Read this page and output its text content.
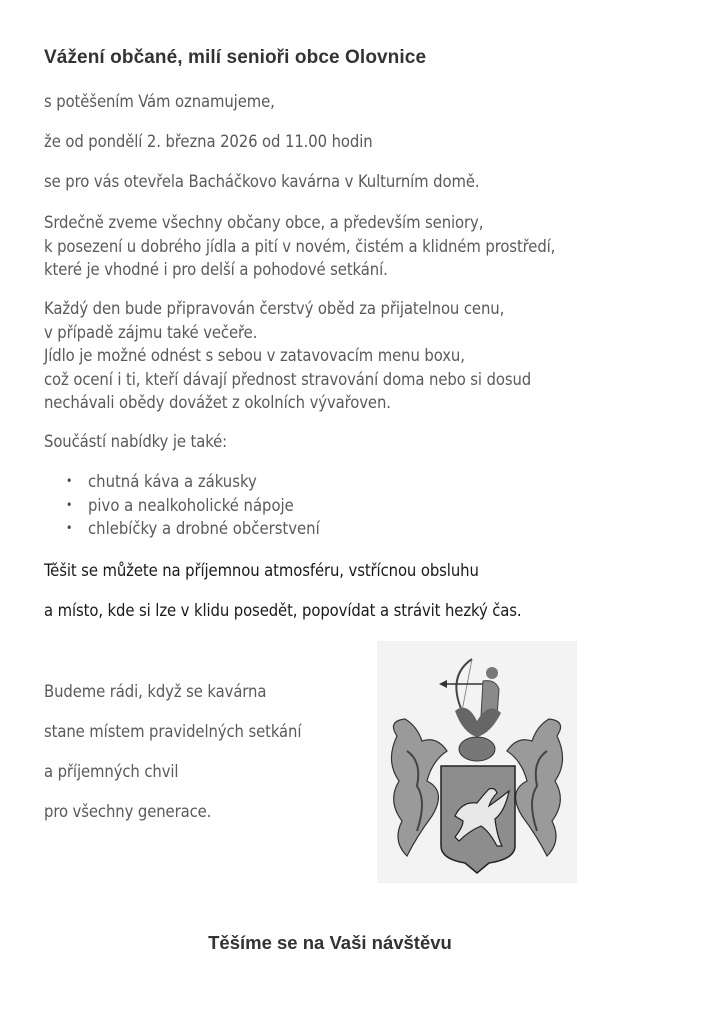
Vážení občané, milí senioři obce Olovnice

s potěšením Vám oznamujeme,

že od pondělí 2. března 2026 od 11.00 hodin

se pro vás otevřela Bacháčkovo kavárna v Kulturním domě.

Srdečně zveme všechny občany obce, a především seniory,
k posezení u dobrého jídla a pití v novém, čistém a klidném prostředí,
které je vhodné i pro delší a pohodové setkání.
Každý den bude připravován čerstvý oběd za přijatelnou cenu,
v případě zájmu také večeře.
Jídlo je možné odnést s sebou v zatavovacím menu boxu,
což ocení i ti, kteří dávají přednost stravování doma nebo si dosud
nechávali obědy dovážet z okolních vývařoven.

Součástí nabídky je také:

• chutná káva a zákusky
• pivo a nealkoholické nápoje
• chlebíčky a drobné občerstvení

Těšit se můžete na příjemnou atmosféru, vstřícnou obsluhu

a místo, kde si lze v klidu posedět, popovídat a strávit hezký čas.

Budeme rádi, když se kavárna

stane místem pravidelných setkání

a příjemných chvil

pro všechny generace.

Těšíme se na Vaši návštěvu
